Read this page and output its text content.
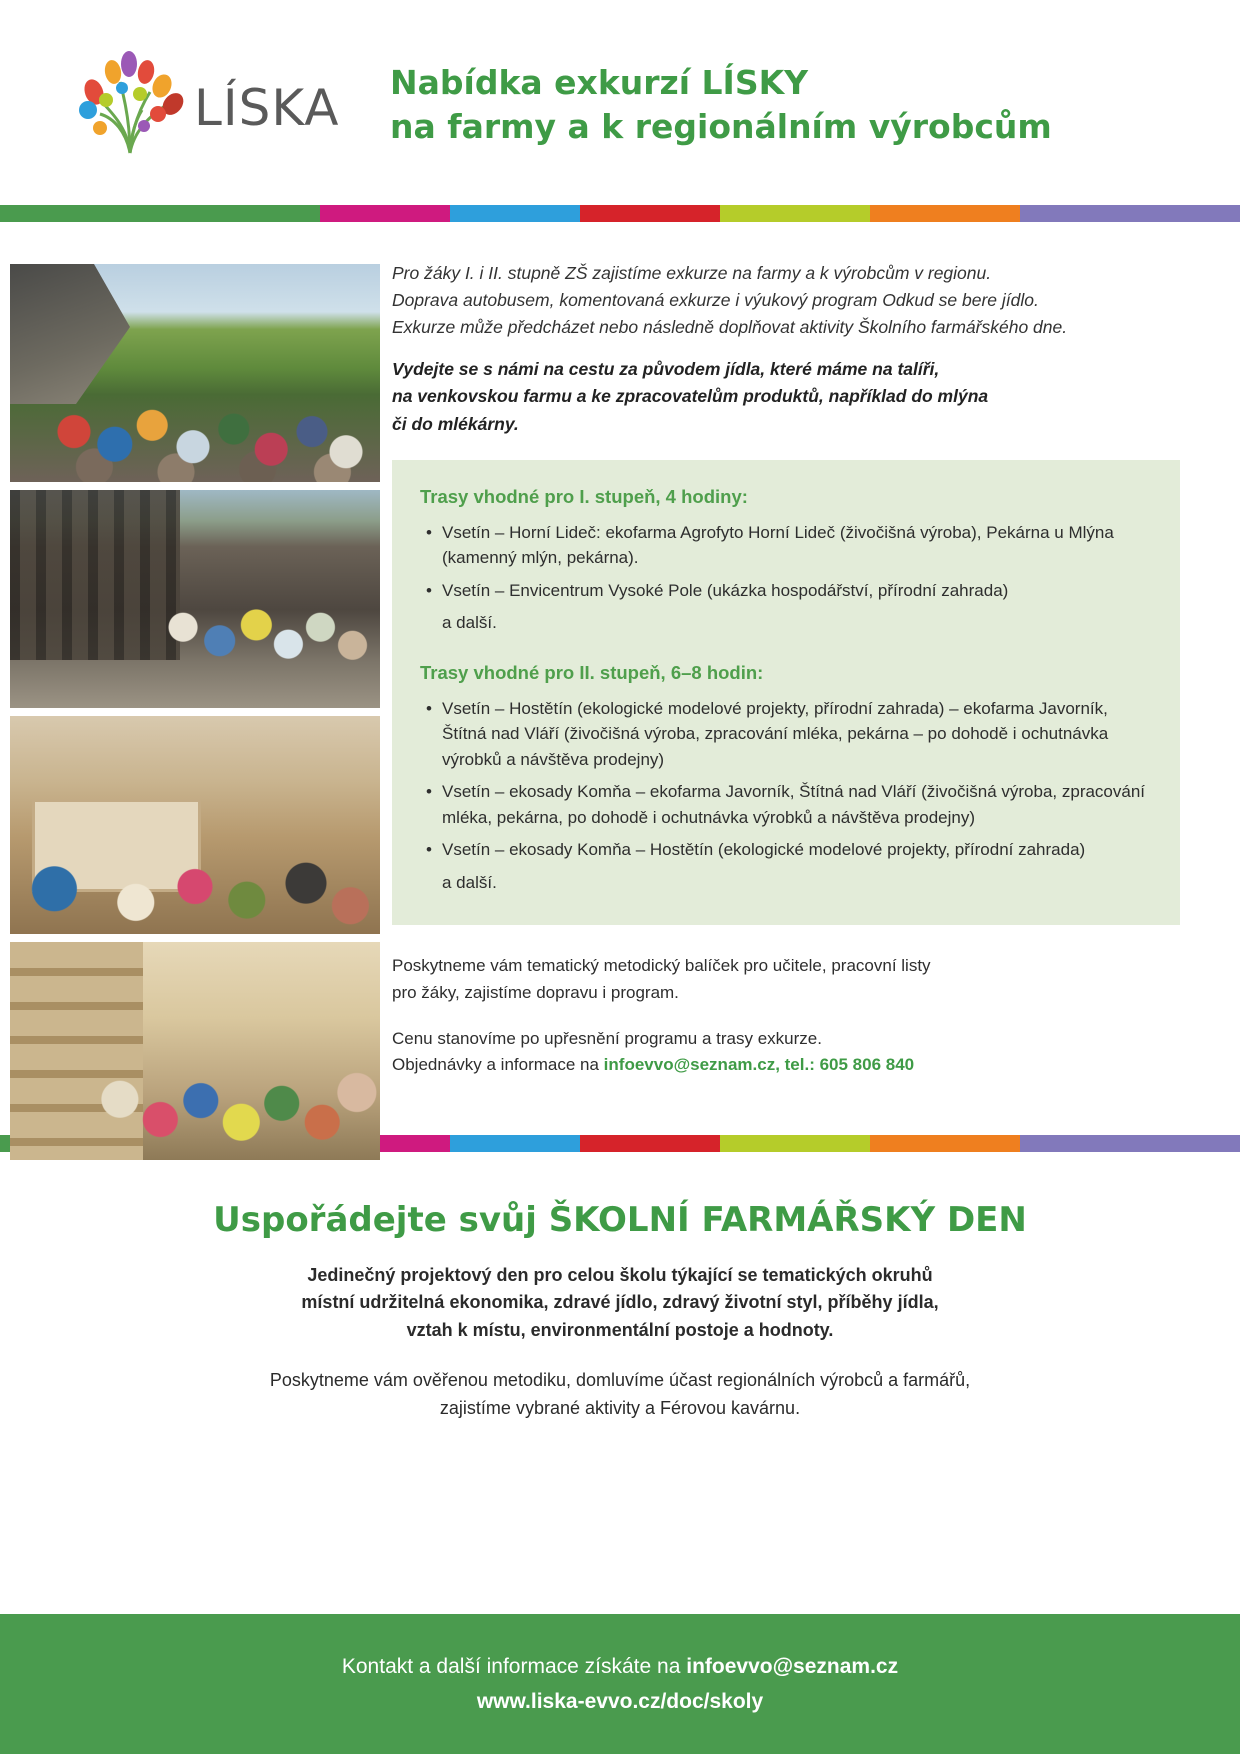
LÍSKA Nabídka exkurzí LÍSKY
na farmy a k regionálním výrobcům
Pro žáky I. i II. stupně ZŠ zajistíme exkurze na farmy a k výrobcům v regionu.
Doprava autobusem, komentovaná exkurze i výukový program Odkud se bere jídlo.
Exkurze může předcházet nebo následně doplňovat aktivity Školního farmářského dne.
Vydejte se s námi na cestu za původem jídla, které máme na talíři,
na venkovskou farmu a ke zpracovatelům produktů, například do mlýna
či do mlékárny.
Trasy vhodné pro I. stupeň, 4 hodiny:
• Vsetín – Horní Lideč: ekofarma Agrofyto Horní Lideč (živočišná výroba), Pekárna u Mlýna (kamenný mlýn, pekárna).
• Vsetín – Envicentrum Vysoké Pole (ukázka hospodářství, přírodní zahrada)
a další.
Trasy vhodné pro II. stupeň, 6–8 hodin:
• Vsetín – Hostětín (ekologické modelové projekty, přírodní zahrada) – ekofarma Javorník, Štítná nad Vláří (živočišná výroba, zpracování mléka, pekárna – po dohodě i ochutnávka výrobků a návštěva prodejny)
• Vsetín – ekosady Komňa – ekofarma Javorník, Štítná nad Vláří (živočišná výroba, zpracování mléka, pekárna, po dohodě i ochutnávka výrobků a návštěva prodejny)
• Vsetín – ekosady Komňa – Hostětín (ekologické modelové projekty, přírodní zahrada)
a další.

Poskytneme vám tematický metodický balíček pro učitele, pracovní listy
pro žáky, zajistíme dopravu i program.

Cenu stanovíme po upřesnění programu a trasy exkurze.
Objednávky a informace na infoevvo@seznam.cz, tel.: 605 806 840

Uspořádejte svůj ŠKOLNÍ FARMÁŘSKÝ DEN

Jedinečný projektový den pro celou školu týkající se tematických okruhů
místní udržitelná ekonomika, zdravé jídlo, zdravý životní styl, příběhy jídla,
vztah k místu, environmentální postoje a hodnoty.

Poskytneme vám ověřenou metodiku, domluvíme účast regionálních výrobců a farmářů,
zajistíme vybrané aktivity a Férovou kavárnu.

Kontakt a další informace získáte na infoevvo@seznam.cz
www.liska-evvo.cz/doc/skoly
